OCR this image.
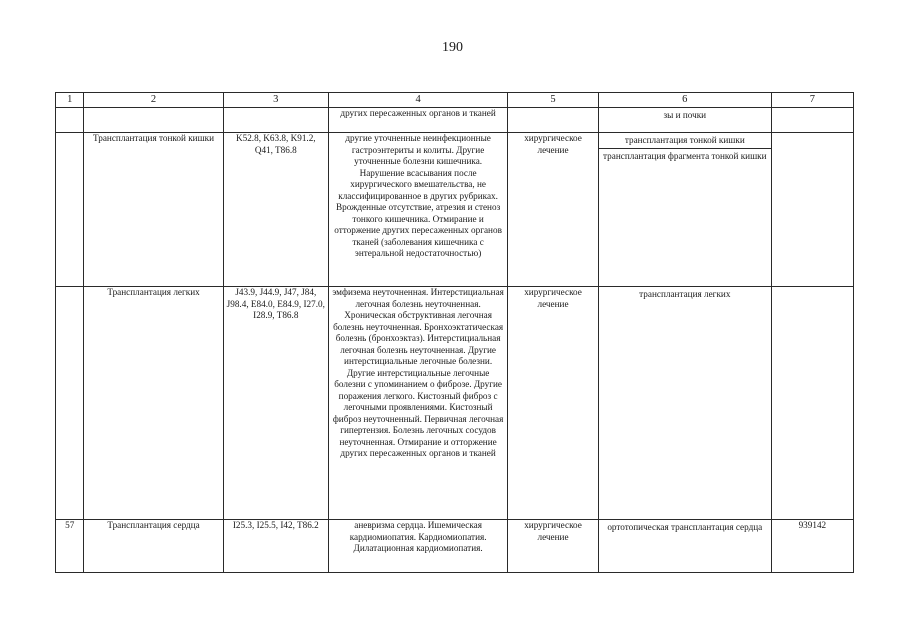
190
1	2	3	4	5	6	7
			других пересаженных органов и тканей		зы и почки	

	Трансплантация тонкой кишки	K52.8, K63.8, K91.2, Q41, T86.8	другие уточненные неинфекционные гастроэнтериты и колиты. Другие уточненные болезни кишечника. Нарушение всасывания после хирургического вмешательства, не классифицированное в других рубриках. Врожденные отсутствие, атрезия и стеноз тонкого кишечника. Отмирание и отторжение других пересаженных органов тканей (заболевания кишечника с энтеральной недостаточностью)	хирургическое лечение	трансплантация тонкой кишки
трансплантация фрагмента тонкой кишки	

	Трансплантация легких	J43.9, J44.9, J47, J84, J98.4, E84.0, E84.9, I27.0, I28.9, T86.8	эмфизема неуточненная. Интерстициальная легочная болезнь неуточненная. Хроническая обструктивная легочная болезнь неуточненная. Бронхоэктатическая болезнь (бронхоэктаз). Интерстициальная легочная болезнь неуточненная. Другие интерстициальные легочные болезни. Другие интерстициальные легочные болезни с упоминанием о фиброзе. Другие поражения легкого. Кистозный фиброз с легочными проявлениями. Кистозный фиброз неуточненный. Первичная легочная гипертензия. Болезнь легочных сосудов неуточненная. Отмирание и отторжение других пересаженных органов и тканей	хирургическое лечение	трансплантация легких	

57	Трансплантация сердца	I25.3, I25.5, I42, T86.2	аневризма сердца. Ишемическая кардиомиопатия. Кардиомиопатия. Дилатационная кардиомиопатия.	хирургическое лечение	ортотопическая трансплантация сердца	939142
